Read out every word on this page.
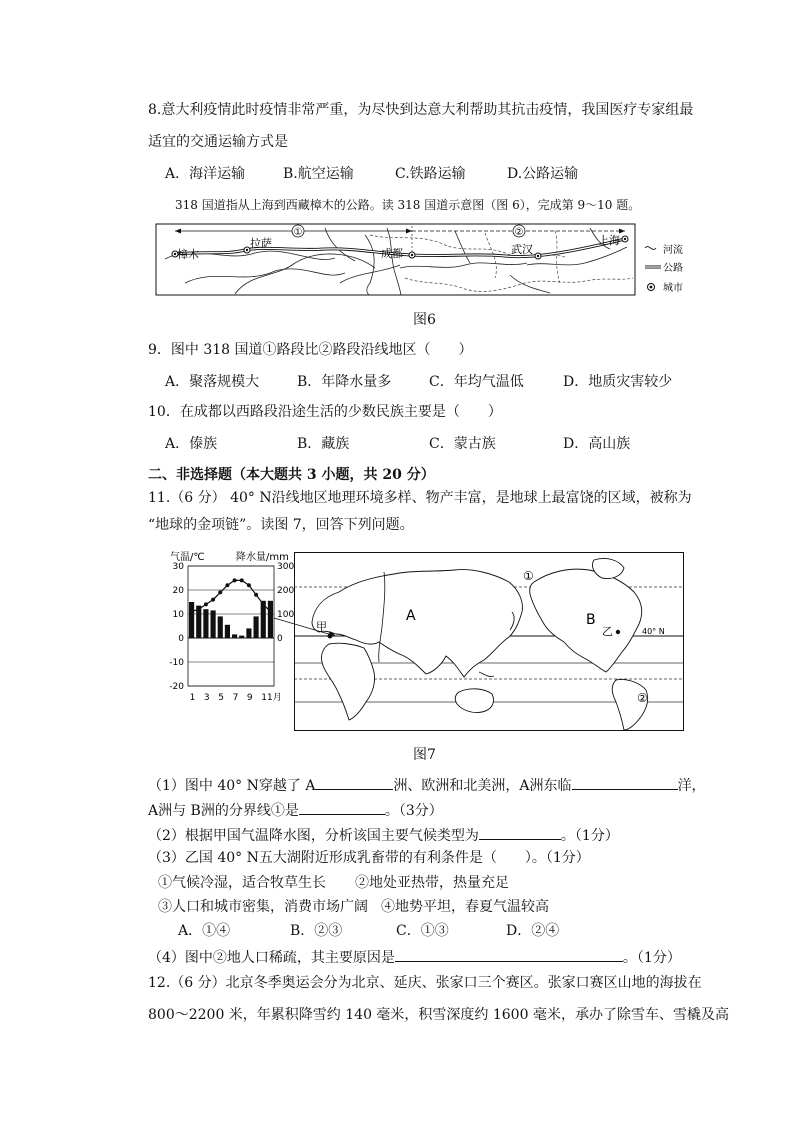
8.意大利疫情此时疫情非常严重，为尽快到达意大利帮助其抗击疫情，我国医疗专家组最
适宜的交通运输方式是
A．海洋运输	B.航空运输	C.铁路运输	D.公路运输
318 国道指从上海到西藏樟木的公路。读 318 国道示意图（图 6），完成第 9～10 题。
①	②
樟木
拉萨
成都	武汉
上海
河流
公路
城市
图6
9．图中 318 国道①路段比②路段沿线地区（　　）
A．聚落规模大	B．年降水量多	C．年均气温低	D．地质灾害较少
10．在成都以西路段沿途生活的少数民族主要是（　　）
A．傣族	B．藏族	C．蒙古族	D．高山族
二、非选择题（本大题共 3 小题，共 20 分）
11.（6 分） 40° N沿线地区地理环境多样、物产丰富，是地球上最富饶的区域，被称为
“地球的金项链”。读图 7，回答下列问题。
气温/℃	降水量/mm
30
20
10
0
-10
-20
300
200
100
0
1 3 5 7 9 11月
A	B
甲	乙	40° N
①
②
图7
（1）图中 40° N穿越了 A	洲、欧洲和北美洲，A洲东临	洋，
A洲与 B洲的分界线①是	。（3分）
（2）根据甲国气温降水图，分析该国主要气候类型为	。（1分）
（3）乙国 40° N五大湖附近形成乳畜带的有利条件是（　　）。（1分）
①气候冷湿，适合牧草生长 ②地处亚热带，热量充足
③人口和城市密集，消费市场广阔 ④地势平坦，春夏气温较高
A．①④	B．②③	C．①③	D．②④
（4）图中②地人口稀疏，其主要原因是	。（1分）
12.（6 分）北京冬季奥运会分为北京、延庆、张家口三个赛区。张家口赛区山地的海拔在
800～2200 米，年累积降雪约 140 毫米，积雪深度约 1600 毫米，承办了除雪车、雪橇及高
